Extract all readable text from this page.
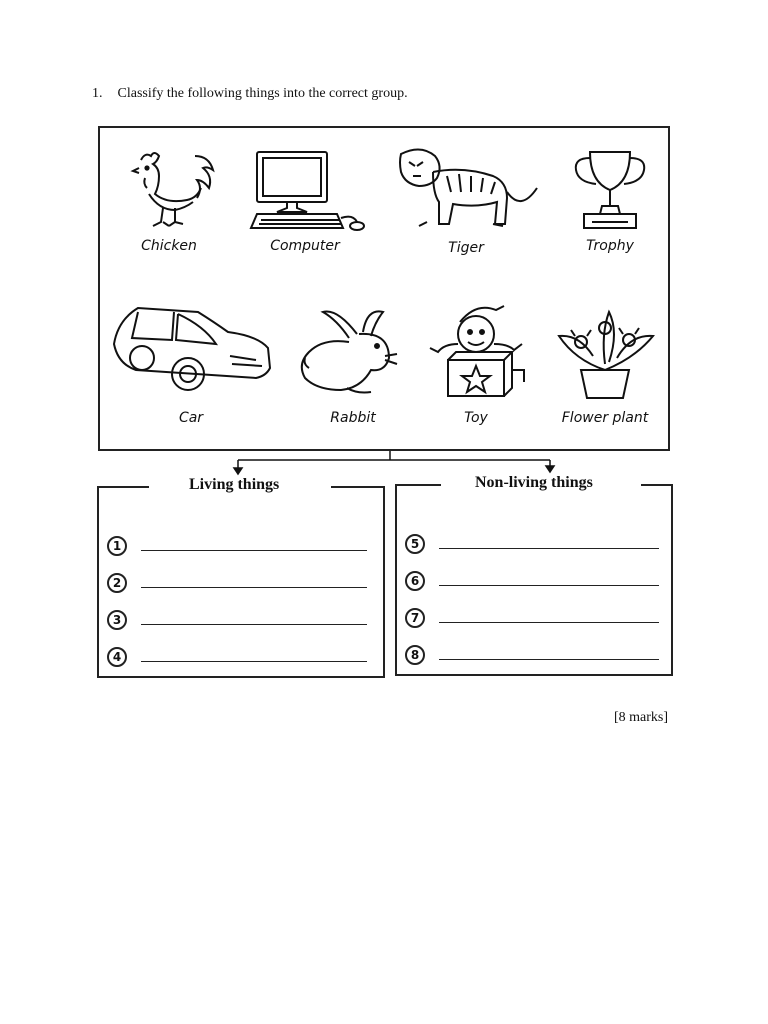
1. Classify the following things into the correct group.
Chicken	Computer	Tiger	Trophy
Car	Rabbit	Toy	Flower plant
Living things
1
2
3
4
Non-living things
5
6
7
8
[8 marks]
